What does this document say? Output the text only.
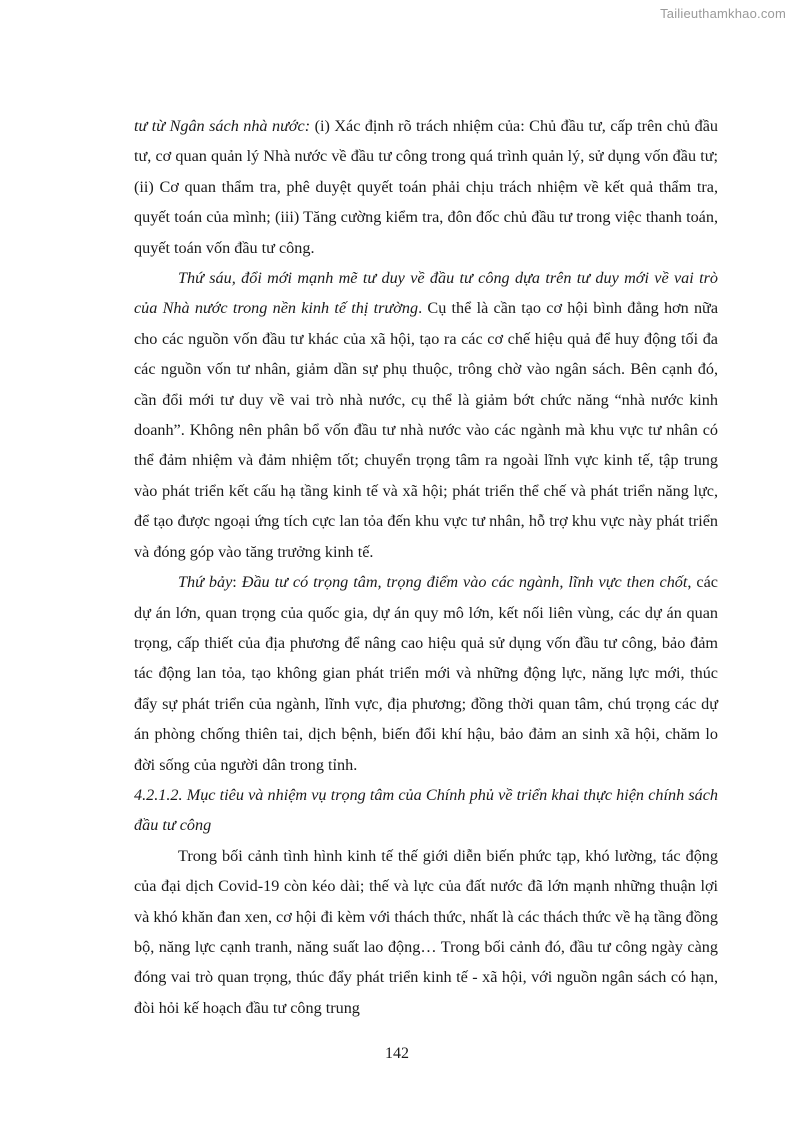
Tailieuthamkhao.com

tư từ Ngân sách nhà nước: (i) Xác định rõ trách nhiệm của: Chủ đầu tư, cấp trên chủ đầu tư, cơ quan quản lý Nhà nước về đầu tư công trong quá trình quản lý, sử dụng vốn đầu tư; (ii) Cơ quan thẩm tra, phê duyệt quyết toán phải chịu trách nhiệm về kết quả thẩm tra, quyết toán của mình; (iii) Tăng cường kiểm tra, đôn đốc chủ đầu tư trong việc thanh toán, quyết toán vốn đầu tư công.

Thứ sáu, đổi mới mạnh mẽ tư duy về đầu tư công dựa trên tư duy mới về vai trò của Nhà nước trong nền kinh tế thị trường. Cụ thể là cần tạo cơ hội bình đẳng hơn nữa cho các nguồn vốn đầu tư khác của xã hội, tạo ra các cơ chế hiệu quả để huy động tối đa các nguồn vốn tư nhân, giảm dần sự phụ thuộc, trông chờ vào ngân sách. Bên cạnh đó, cần đổi mới tư duy về vai trò nhà nước, cụ thể là giảm bớt chức năng “nhà nước kinh doanh”. Không nên phân bổ vốn đầu tư nhà nước vào các ngành mà khu vực tư nhân có thể đảm nhiệm và đảm nhiệm tốt; chuyển trọng tâm ra ngoài lĩnh vực kinh tế, tập trung vào phát triển kết cấu hạ tầng kinh tế và xã hội; phát triển thể chế và phát triển năng lực, để tạo được ngoại ứng tích cực lan tỏa đến khu vực tư nhân, hỗ trợ khu vực này phát triển và đóng góp vào tăng trưởng kinh tế.

Thứ bảy: Đầu tư có trọng tâm, trọng điểm vào các ngành, lĩnh vực then chốt, các dự án lớn, quan trọng của quốc gia, dự án quy mô lớn, kết nối liên vùng, các dự án quan trọng, cấp thiết của địa phương để nâng cao hiệu quả sử dụng vốn đầu tư công, bảo đảm tác động lan tỏa, tạo không gian phát triển mới và những động lực, năng lực mới, thúc đẩy sự phát triển của ngành, lĩnh vực, địa phương; đồng thời quan tâm, chú trọng các dự án phòng chống thiên tai, dịch bệnh, biến đổi khí hậu, bảo đảm an sinh xã hội, chăm lo đời sống của người dân trong tỉnh.

4.2.1.2. Mục tiêu và nhiệm vụ trọng tâm của Chính phủ về triển khai thực hiện chính sách đầu tư công

Trong bối cảnh tình hình kinh tế thế giới diễn biến phức tạp, khó lường, tác động của đại dịch Covid-19 còn kéo dài; thế và lực của đất nước đã lớn mạnh những thuận lợi và khó khăn đan xen, cơ hội đi kèm với thách thức, nhất là các thách thức về hạ tầng đồng bộ, năng lực cạnh tranh, năng suất lao động… Trong bối cảnh đó, đầu tư công ngày càng đóng vai trò quan trọng, thúc đẩy phát triển kinh tế - xã hội, với nguồn ngân sách có hạn, đòi hỏi kế hoạch đầu tư công trung

142
